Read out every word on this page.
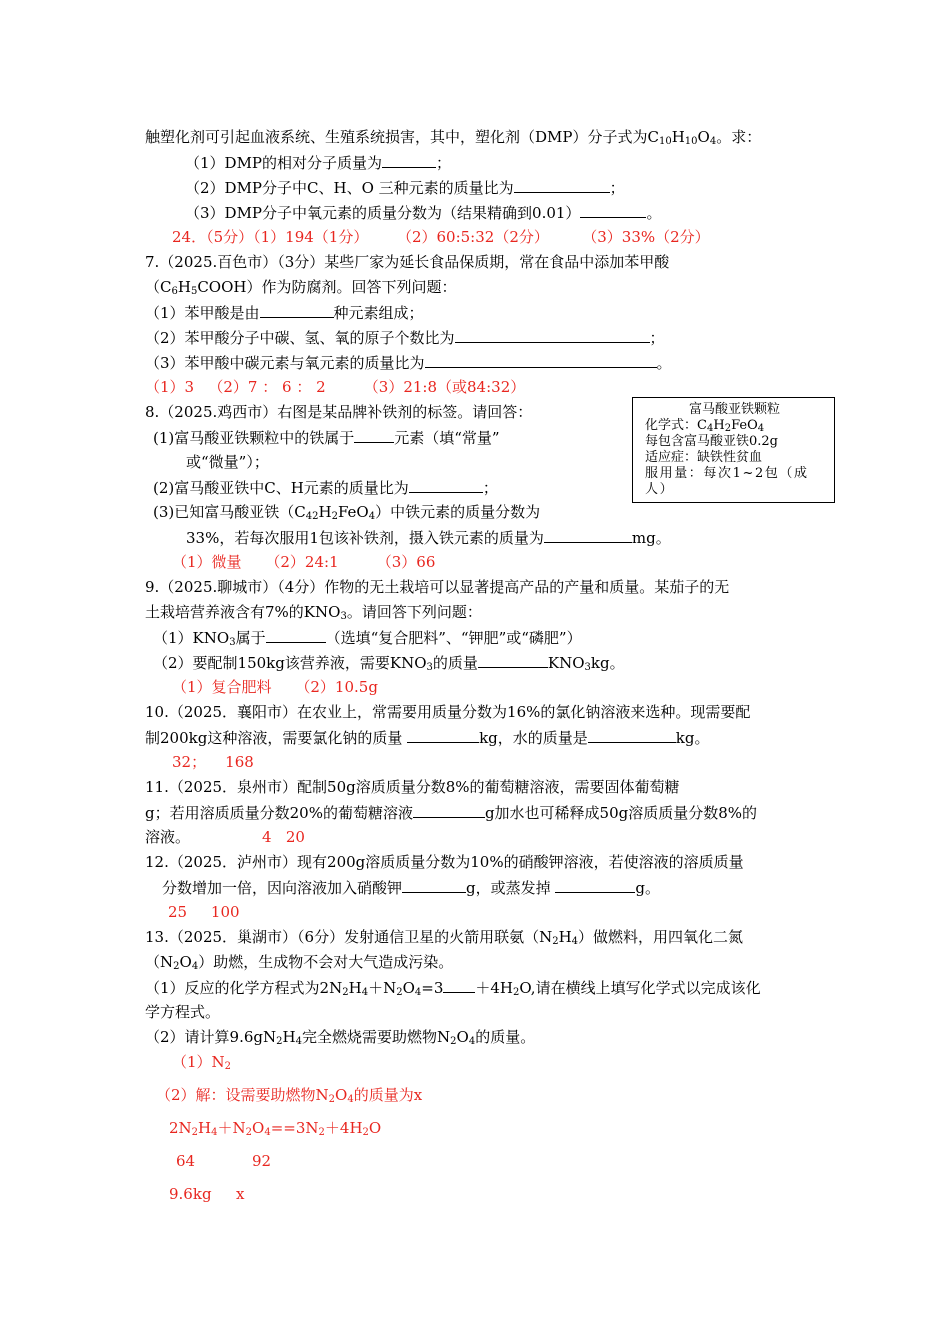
触塑化剂可引起血液系统、生殖系统损害，其中，塑化剂（DMP）分子式为$C_{10}H_{10}O_4$。求：
（1）DMP的相对分子质量为	；
（2）DMP分子中C、H、O 三种元素的质量比为	；
（3）DMP分子中氧元素的质量分数为（结果精确到0.01）	。
24．（5分）（1）194（1分）      （2）60:5:32（2分）       （3）33%（2分）
7.（2025.百色市）（3分）某些厂家为延长食品保质期，常在食品中添加苯甲酸
$(C_6H_5COOH)$作为防腐剂。回答下列问题：
（1）苯甲酸是由	种元素组成；
（2）苯甲酸分子中碳、氢、氧的原子个数比为	；
（3）苯甲酸中碳元素与氧元素的质量比为	。
（1）3   （2）7 ： 6 ： 2        （3）21:8（或84:32）
8.（2025.鸡西市）右图是某品牌补铁剂的标签。请回答：
(1)富马酸亚铁颗粒中的铁属于	元素（填“常量”
或“微量”）；
(2)富马酸亚铁中C、H元素的质量比为	；
(3)已知富马酸亚铁$(C_{42}H_2FeO_4)$中铁元素的质量分数为
33%，若每次服用1包该补铁剂，摄入铁元素的质量为	mg。
（1）微量     （2）24:1        （3）66
富马酸亚铁颗粒
化学式：$C_4H_2FeO_4$
每包含富马酸亚铁0.2g
适应症：缺铁性贫血
服用量：每次1~2包（成人）
9.（2025.聊城市）（4分）作物的无土栽培可以显著提高产品的产量和质量。某茄子的无
土栽培营养液含有7%的$KNO_3$。请回答下列问题：
$(1)KNO_3$属于	（选填“复合肥料”、“钾肥”或“磷肥”）
（2）要配制150kg该营养液，需要$KNO_3$的质量	$KNO_3kg$。
（1）复合肥料     （2）10.5g
10.（2025．襄阳市）在农业上，常需要用质量分数为16%的氯化钠溶液来选种。现需要配
制200kg这种溶液，需要氯化钠的质量	kg，水的质量是	kg。
32；    168
11.（2025．泉州市）配制50g溶质质量分数8%的葡萄糖溶液，需要固体葡萄糖
g；若用溶质质量分数20%的葡萄糖溶液	g加水也可稀释成50g溶质质量分数8%的
溶液。	4   20
12.（2025．泸州市）现有200g溶质质量分数为10%的硝酸钾溶液，若使溶液的溶质质量
分数增加一倍，因向溶液加入硝酸钾	g，或蒸发掉	g。
25     100
13.（2025．巢湖市）（6分）发射通信卫星的火箭用联氨$(N_2H_4)$做燃料，用四氧化二氮
$(N_2O_4)$助燃，生成物不会对大气造成污染。
（1）反应的化学方程式为$2N_2H_4+N_2O_4=3 +4H_2O$,请在横线上填写化学式以完成该化
学方程式。
（2）请计算$9.6gN_2H_4$完全燃烧需要助燃物$N_2O_4$的质量。
$(1)N_2$
（2）解：设需要助燃物$N_2O_4$的质量为x
$2N_2H_4+N_2O_4==3N_2+4H_2O$
64	92
9.6kg x
